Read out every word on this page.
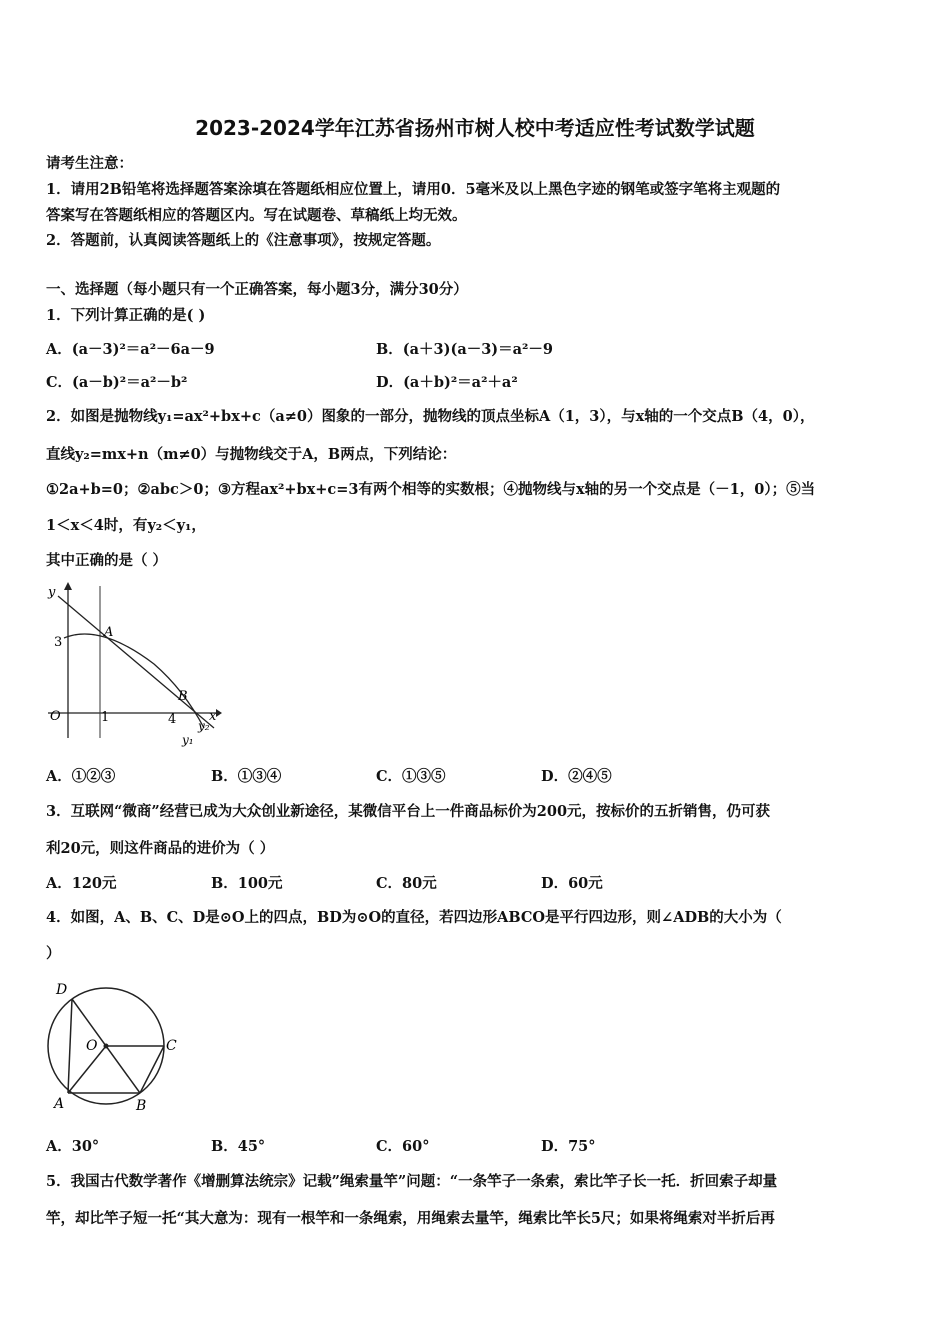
2023-2024学年江苏省扬州市树人校中考适应性考试数学试题
请考生注意：
1．请用2B铅笔将选择题答案涂填在答题纸相应位置上，请用0．5毫米及以上黑色字迹的钢笔或签字笔将主观题的
答案写在答题纸相应的答题区内。写在试题卷、草稿纸上均无效。
2．答题前，认真阅读答题纸上的《注意事项》，按规定答题。
一、选择题（每小题只有一个正确答案，每小题3分，满分30分）
1．下列计算正确的是( )
A．(a－3)²＝a²－6a－9	B．(a＋3)(a－3)＝a²－9
C．(a－b)²＝a²－b²	D．(a＋b)²＝a²＋a²
2．如图是抛物线y₁=ax²+bx+c（a≠0）图象的一部分，抛物线的顶点坐标A（1，3），与x轴的一个交点B（4，0），
直线y₂=mx+n（m≠0）与抛物线交于A，B两点，下列结论：
①2a+b=0；②abc＞0；③方程ax²+bx+c=3有两个相等的实数根；④抛物线与x轴的另一个交点是（－1，0）；⑤当
1＜x＜4时，有y₂＜y₁，
其中正确的是（ ）
y
x
O	1
3
4
A
B
y₁
y₂
A．①②③	B．①③④	C．①③⑤	D．②④⑤
3．互联网“微商”经营已成为大众创业新途径，某微信平台上一件商品标价为200元，按标价的五折销售，仍可获
利20元，则这件商品的进价为（ ）
A．120元	B．100元	C．80元	D．60元
4．如图，A、B、C、D是⊙O上的四点，BD为⊙O的直径，若四边形ABCO是平行四边形，则∠ADB的大小为（
）
D
O	C
A	B
A．30°	B．45°	C．60°	D．75°
5．我国古代数学著作《增删算法统宗》记载”绳索量竿”问题：“一条竿子一条索，索比竿子长一托．折回索子却量
竿，却比竿子短一托“其大意为：现有一根竿和一条绳索，用绳索去量竿，绳索比竿长5尺；如果将绳索对半折后再
